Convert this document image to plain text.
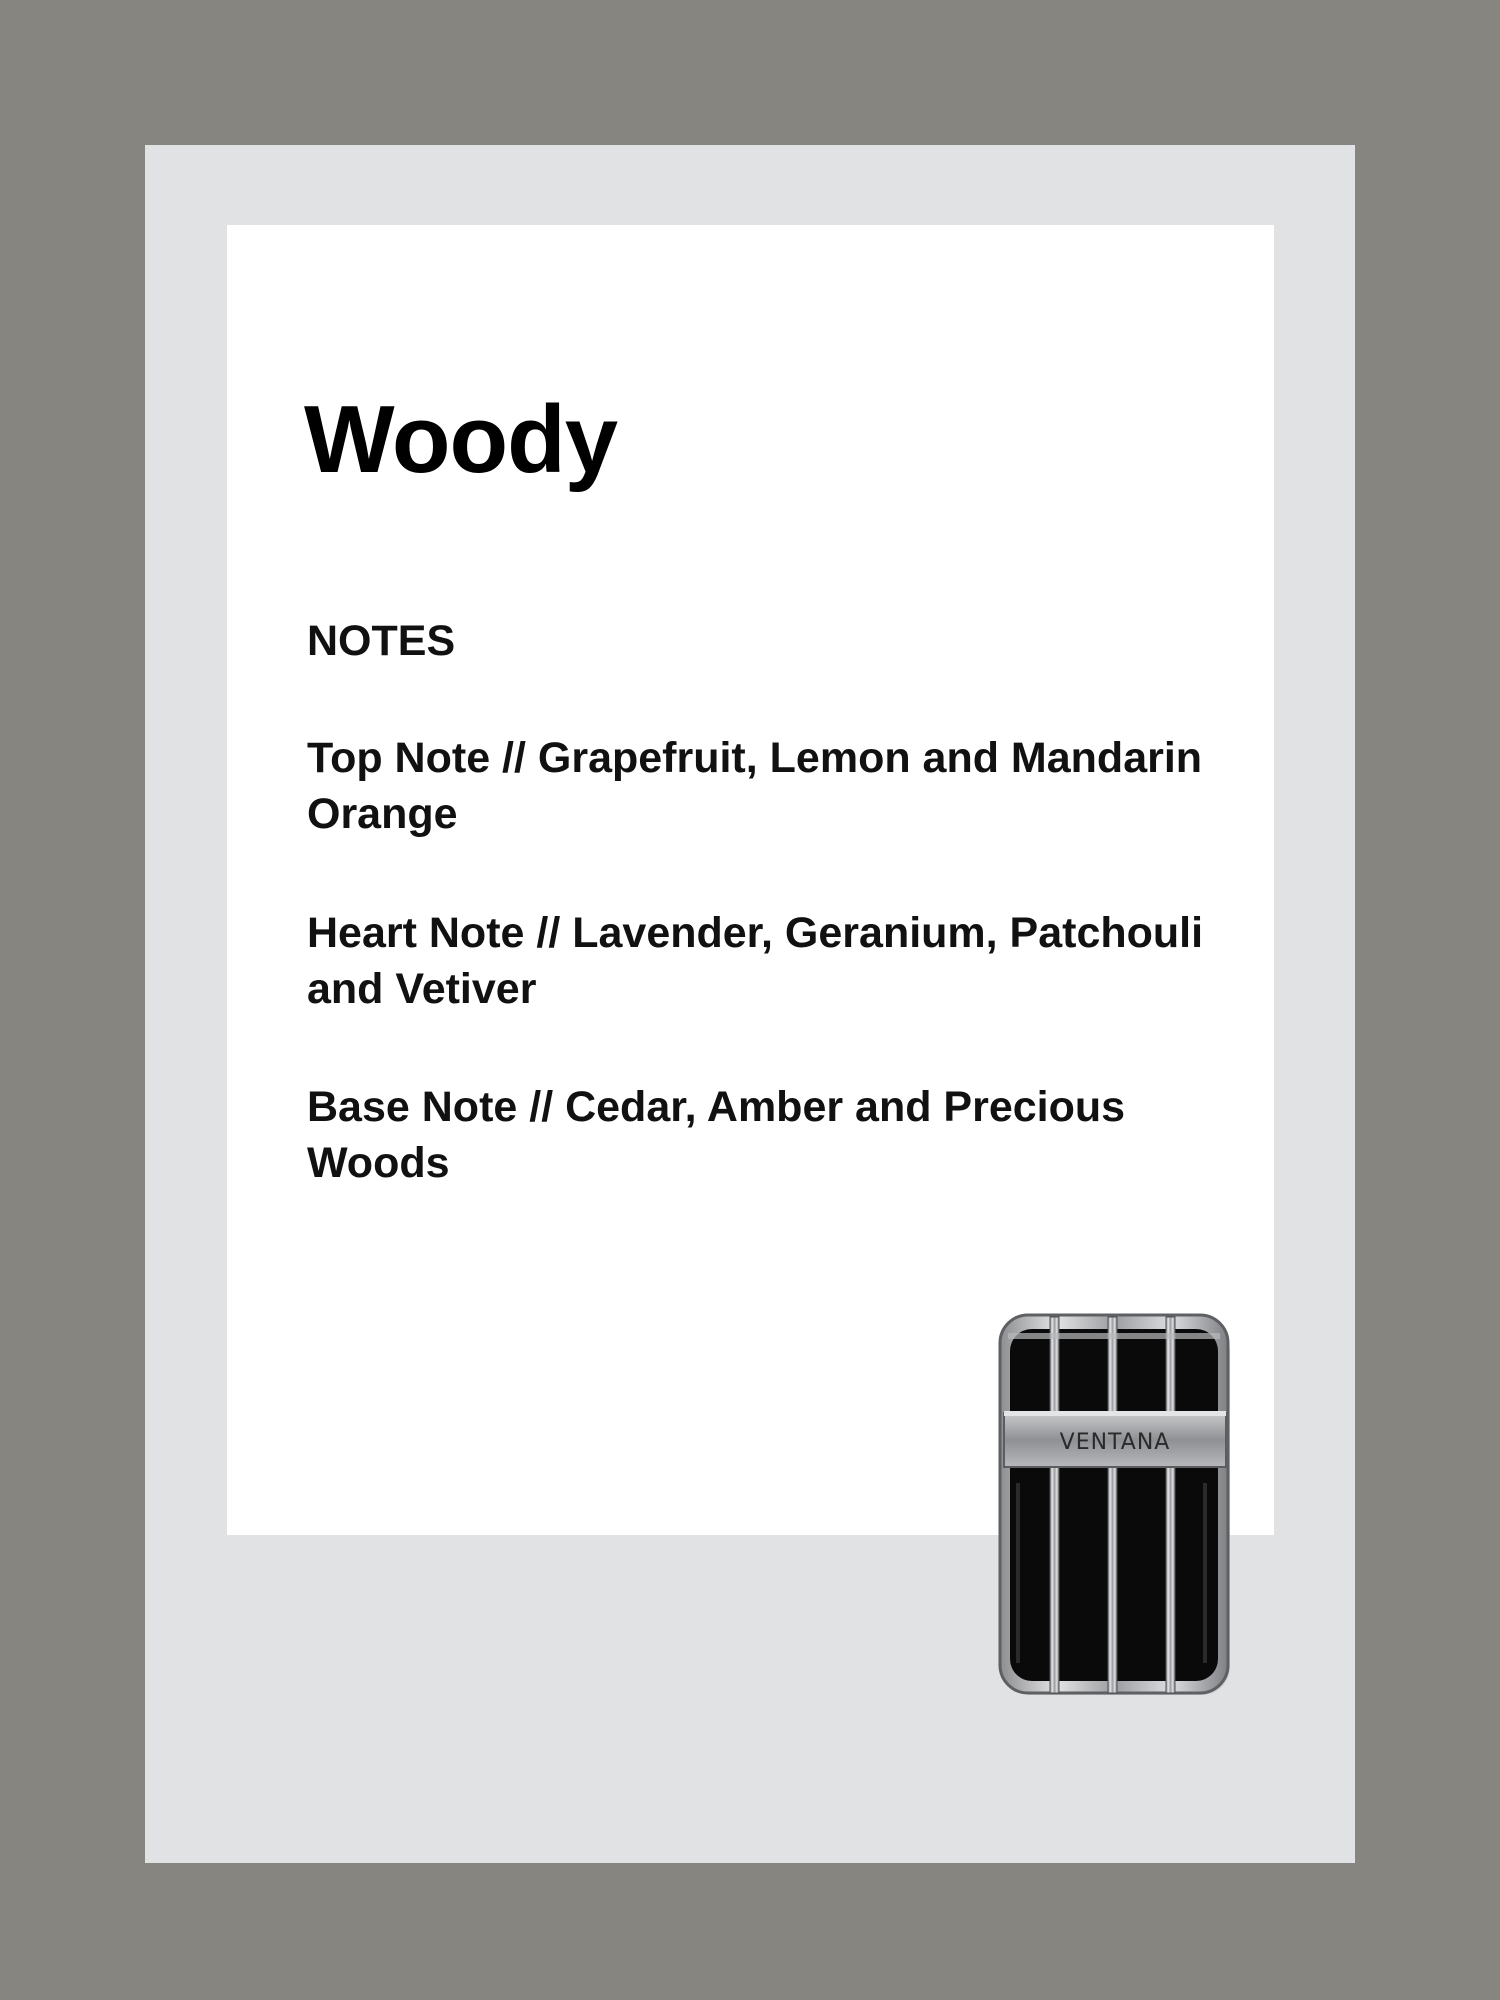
Woody
NOTES
Top Note // Grapefruit, Lemon and Mandarin Orange
Heart Note // Lavender, Geranium, Patchouli and Vetiver
Base Note // Cedar, Amber and Precious Woods
VENTANA
